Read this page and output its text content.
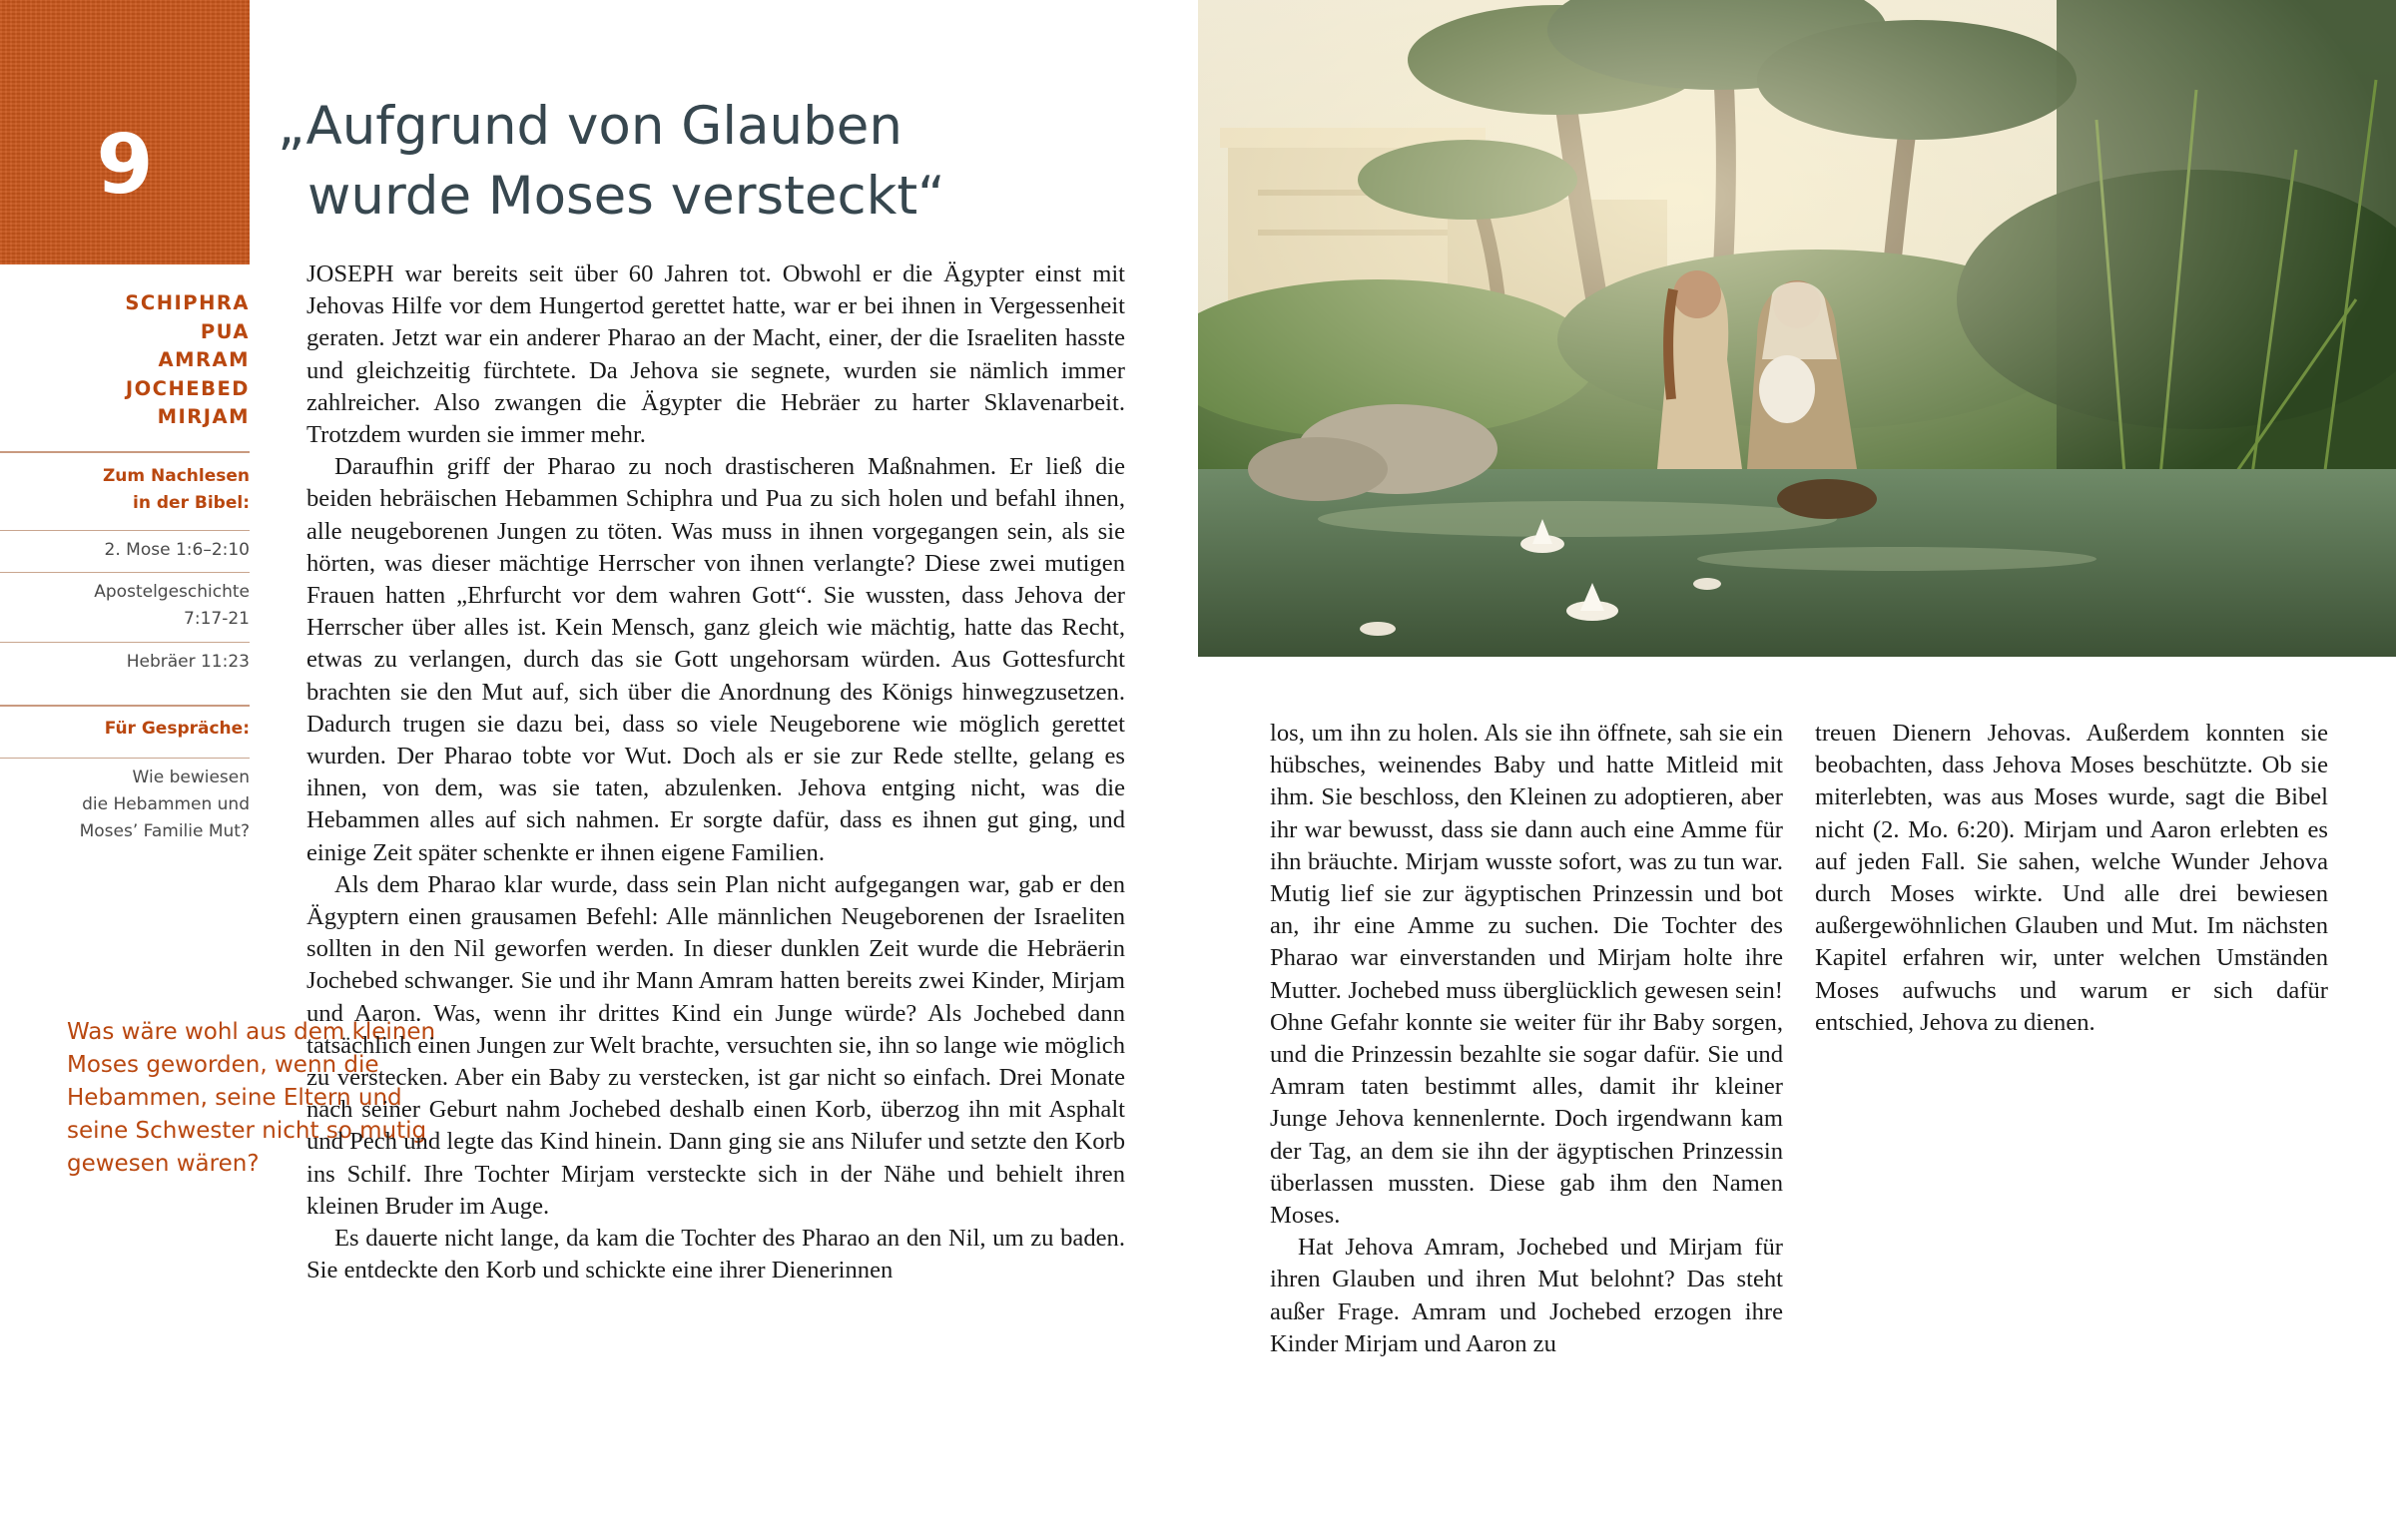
9	„Aufgrund von Glauben
wurde Moses versteckt“
SCHIPHRA
PUA
AMRAM
JOCHEBED
MIRJAM
Zum Nachlesen
in der Bibel:
2. Mose 1:6–2:10
Apostelgeschichte
7:17-21
Hebräer 11:23
Für Gespräche:
Wie bewiesen
die Hebammen und
Moses’ Familie Mut?

Was wäre wohl aus dem kleinen Moses geworden, wenn die Hebammen, seine Eltern und seine Schwester nicht so mutig gewesen wären?

JOSEPH war bereits seit über 60 Jahren tot. Obwohl er die Ägypter einst mit Jehovas Hilfe vor dem Hungertod gerettet hatte, war er bei ihnen in Vergessenheit geraten. Jetzt war ein anderer Pharao an der Macht, einer, der die Israeliten hasste und gleichzeitig fürchtete. Da Jehova sie segnete, wurden sie nämlich immer zahlreicher. Also zwangen die Ägypter die Hebräer zu harter Sklavenarbeit. Trotzdem wurden sie immer mehr.

Daraufhin griff der Pharao zu noch drastischeren Maßnahmen. Er ließ die beiden hebräischen Hebammen Schiphra und Pua zu sich holen und befahl ihnen, alle neugeborenen Jungen zu töten. Was muss in ihnen vorgegangen sein, als sie hörten, was dieser mächtige Herrscher von ihnen verlangte? Diese zwei mutigen Frauen hatten „Ehrfurcht vor dem wahren Gott“. Sie wussten, dass Jehova der Herrscher über alles ist. Kein Mensch, ganz gleich wie mächtig, hatte das Recht, etwas zu verlangen, durch das sie Gott ungehorsam würden. Aus Gottesfurcht brachten sie den Mut auf, sich über die Anordnung des Königs hinwegzusetzen. Dadurch trugen sie dazu bei, dass so viele Neugeborene wie möglich gerettet wurden. Der Pharao tobte vor Wut. Doch als er sie zur Rede stellte, gelang es ihnen, von dem, was sie taten, abzulenken. Jehova entging nicht, was die Hebammen alles auf sich nahmen. Er sorgte dafür, dass es ihnen gut ging, und einige Zeit später schenkte er ihnen eigene Familien.

Als dem Pharao klar wurde, dass sein Plan nicht aufgegangen war, gab er den Ägyptern einen grausamen Befehl: Alle männlichen Neugeborenen der Israeliten sollten in den Nil geworfen werden. In dieser dunklen Zeit wurde die Hebräerin Jochebed schwanger. Sie und ihr Mann Amram hatten bereits zwei Kinder, Mirjam und Aaron. Was, wenn ihr drittes Kind ein Junge würde? Als Jochebed dann tatsächlich einen Jungen zur Welt brachte, versuchten sie, ihn so lange wie möglich zu verstecken. Aber ein Baby zu verstecken, ist gar nicht so einfach. Drei Monate nach seiner Geburt nahm Jochebed deshalb einen Korb, überzog ihn mit Asphalt und Pech und legte das Kind hinein. Dann ging sie ans Nilufer und setzte den Korb ins Schilf. Ihre Tochter Mirjam versteckte sich in der Nähe und behielt ihren kleinen Bruder im Auge.

Es dauerte nicht lange, da kam die Tochter des Pharao an den Nil, um zu baden. Sie entdeckte den Korb und schickte eine ihrer Dienerinnen

los, um ihn zu holen. Als sie ihn öffnete, sah sie ein hübsches, weinendes Baby und hatte Mitleid mit ihm. Sie beschloss, den Kleinen zu adoptieren, aber ihr war bewusst, dass sie dann auch eine Amme für ihn bräuchte. Mirjam wusste sofort, was zu tun war. Mutig lief sie zur ägyptischen Prinzessin und bot an, ihr eine Amme zu suchen. Die Tochter des Pharao war einverstanden und Mirjam holte ihre Mutter. Jochebed muss überglücklich gewesen sein! Ohne Gefahr konnte sie weiter für ihr Baby sorgen, und die Prinzessin bezahlte sie sogar dafür. Sie und Amram taten bestimmt alles, damit ihr kleiner Junge Jehova kennenlernte. Doch irgendwann kam der Tag, an dem sie ihn der ägyptischen Prinzessin überlassen mussten. Diese gab ihm den Namen Moses.

Hat Jehova Amram, Jochebed und Mirjam für ihren Glauben und ihren Mut belohnt? Das steht außer Frage. Amram und Jochebed erzogen ihre Kinder Mirjam und Aaron zu

treuen Dienern Jehovas. Außerdem konnten sie beobachten, dass Jehova Moses beschützte. Ob sie miterlebten, was aus Moses wurde, sagt die Bibel nicht (2. Mo. 6:20). Mirjam und Aaron erlebten es auf jeden Fall. Sie sahen, welche Wunder Jehova durch Moses wirkte. Und alle drei bewiesen außergewöhnlichen Glauben und Mut. Im nächsten Kapitel erfahren wir, unter welchen Umständen Moses aufwuchs und warum er sich dafür entschied, Jehova zu dienen.
